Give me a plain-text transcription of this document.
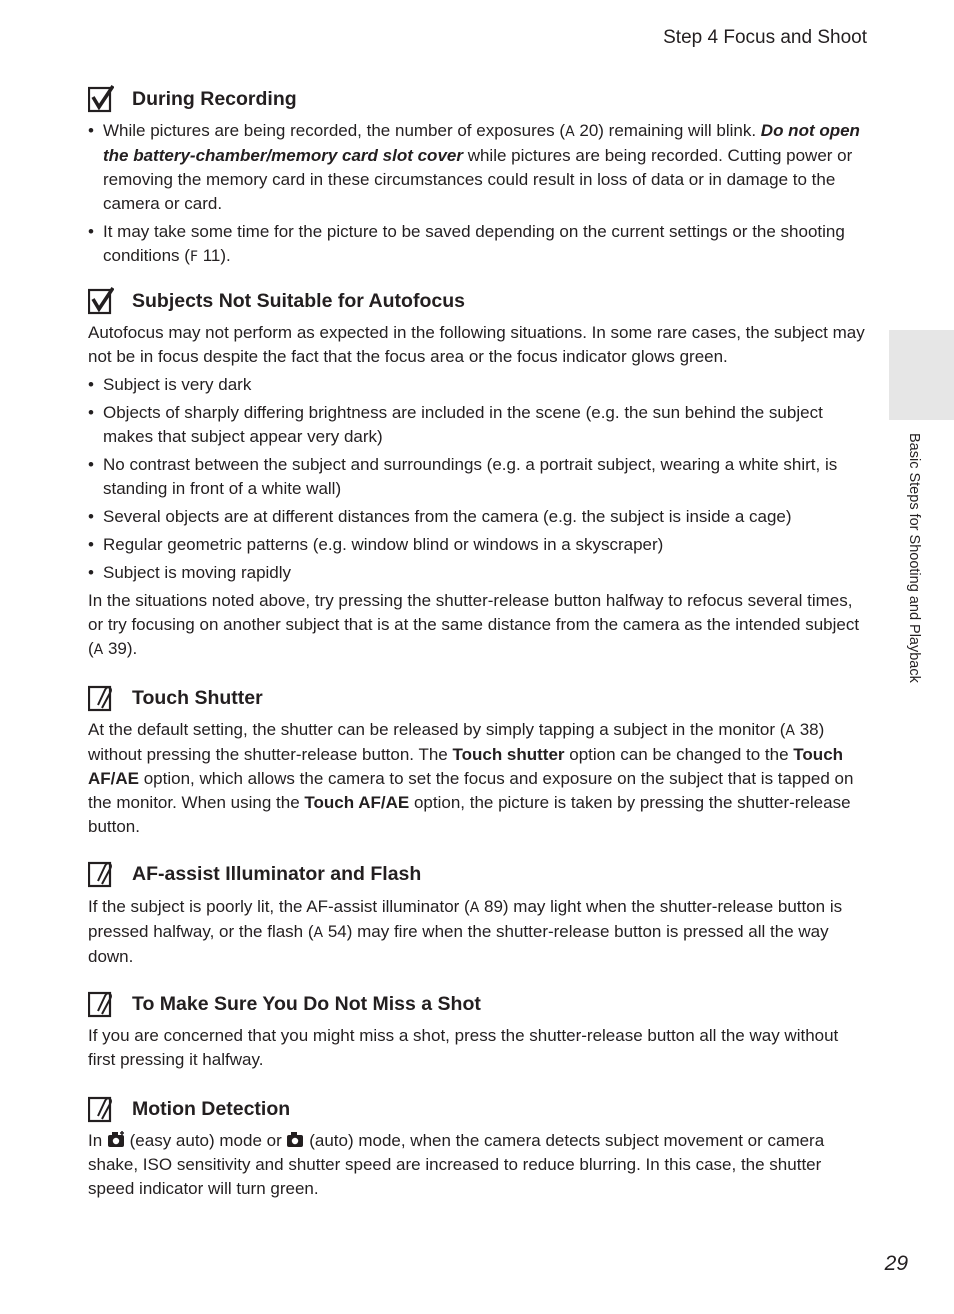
Step 4 Focus and Shoot
Basic Steps for Shooting and Playback
During Recording
• While pictures are being recorded, the number of exposures (A 20) remaining will blink. Do not open the battery-chamber/memory card slot cover while pictures are being recorded. Cutting power or removing the memory card in these circumstances could result in loss of data or in damage to the camera or card.
• It may take some time for the picture to be saved depending on the current settings or the shooting conditions (F 11).
Subjects Not Suitable for Autofocus

Autofocus may not perform as expected in the following situations. In some rare cases, the subject may not be in focus despite the fact that the focus area or the focus indicator glows green.

• Subject is very dark
• Objects of sharply differing brightness are included in the scene (e.g. the sun behind the subject makes that subject appear very dark)
• No contrast between the subject and surroundings (e.g. a portrait subject, wearing a white shirt, is standing in front of a white wall)
• Several objects are at different distances from the camera (e.g. the subject is inside a cage)
• Regular geometric patterns (e.g. window blind or windows in a skyscraper)
• Subject is moving rapidly

In the situations noted above, try pressing the shutter-release button halfway to refocus several times, or try focusing on another subject that is at the same distance from the camera as the intended subject (A 39).

Touch Shutter

At the default setting, the shutter can be released by simply tapping a subject in the monitor (A 38) without pressing the shutter-release button. The Touch shutter option can be changed to the Touch AF/AE option, which allows the camera to set the focus and exposure on the subject that is tapped on the monitor. When using the Touch AF/AE option, the picture is taken by pressing the shutter-release button.

AF-assist Illuminator and Flash

If the subject is poorly lit, the AF-assist illuminator (A 89) may light when the shutter-release button is pressed halfway, or the flash (A 54) may fire when the shutter-release button is pressed all the way down.

To Make Sure You Do Not Miss a Shot

If you are concerned that you might miss a shot, press the shutter-release button all the way without first pressing it halfway.

Motion Detection

In  (easy auto) mode or  (auto) mode, when the camera detects subject movement or camera shake, ISO sensitivity and shutter speed are increased to reduce blurring. In this case, the shutter speed indicator will turn green.

29
